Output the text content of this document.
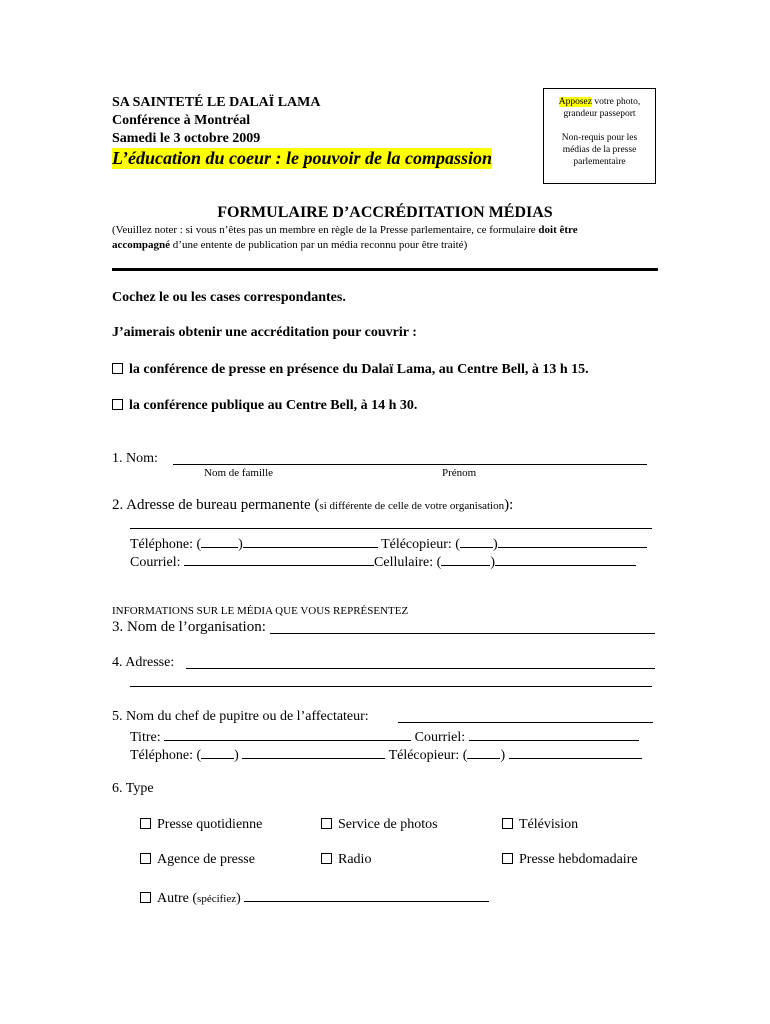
SA SAINTETÉ LE DALAÏ LAMA
Conférence à Montréal
Samedi le 3 octobre 2009
L’éducation du coeur : le pouvoir de la compassion

Apposez votre photo,

grandeur passeport

Non-requis pour les

médias de la presse

parlementaire

FORMULAIRE D’ACCRÉDITATION MÉDIAS
(Veuillez noter : si vous n’êtes pas un membre en règle de la Presse parlementaire, ce formulaire doit être
accompagné d’une entente de publication par un média reconnu pour être traité)
Cochez le ou les cases correspondantes.
J’aimerais obtenir une accréditation pour couvrir :
la conférence de presse en présence du Dalaï Lama, au Centre Bell, à 13 h 15.
la conférence publique au Centre Bell, à 14 h 30.
1. Nom:
Nom de famille	Prénom
2. Adresse de bureau permanente (si différente de celle de votre organisation):
Téléphone: (	)	Télécopieur: ( )
Courriel:	Cellulaire: (	)
INFORMATIONS SUR LE MÉDIA QUE VOUS REPRÉSENTEZ
3. Nom de l’organisation:
4. Adresse:
5. Nom du chef de pupitre ou de l’affectateur:
Titre:	Courriel:
Téléphone: ( )	Télécopieur: ( )
6. Type
Presse quotidienne	Service de photos	Télévision
Agence de presse	Radio	Presse hebdomadaire
Autre (spécifiez)
